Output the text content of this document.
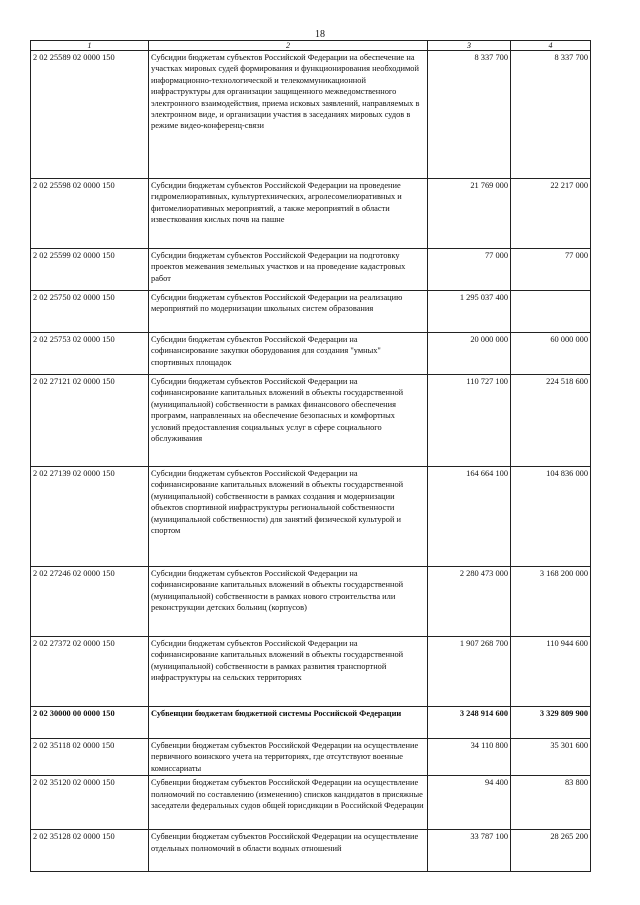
18
1	2	3	4
2 02 25589 02 0000 150	Субсидии бюджетам субъектов Российской Федерации на обеспечение на участках мировых судей формирования и функционирования необходимой информационно-технологической и телекоммуникационной инфраструктуры для организации защищенного межведомственного электронного взаимодействия, приема исковых заявлений, направляемых в электронном виде, и организации участия в заседаниях мировых судов в режиме видео-конференц-связи	8 337 700	8 337 700
2 02 25598 02 0000 150	Субсидии бюджетам субъектов Российской Федерации на проведение гидромелиоративных, культуртехнических, агролесомелиоративных и фитомелиоративных мероприятий, а также мероприятий в области известкования кислых почв на пашне	21 769 000	22 217 000
2 02 25599 02 0000 150	Субсидии бюджетам субъектов Российской Федерации на подготовку проектов межевания земельных участков и на проведение кадастровых работ	77 000	77 000
2 02 25750 02 0000 150	Субсидии бюджетам субъектов Российской Федерации на реализацию мероприятий по модернизации школьных систем образования	1 295 037 400	
2 02 25753 02 0000 150	Субсидии бюджетам субъектов Российской Федерации на софинансирование закупки оборудования для создания "умных" спортивных площадок	20 000 000	60 000 000
2 02 27121 02 0000 150	Субсидии бюджетам субъектов Российской Федерации на софинансирование капитальных вложений в объекты государственной (муниципальной) собственности в рамках финансового обеспечения программ, направленных на обеспечение безопасных и комфортных условий предоставления социальных услуг в сфере социального обслуживания	110 727 100	224 518 600
2 02 27139 02 0000 150	Субсидии бюджетам субъектов Российской Федерации на софинансирование капитальных вложений в объекты государственной (муниципальной) собственности в рамках создания и модернизации объектов спортивной инфраструктуры региональной собственности (муниципальной собственности) для занятий физической культурой и спортом	164 664 100	104 836 000
2 02 27246 02 0000 150	Субсидии бюджетам субъектов Российской Федерации на софинансирование капитальных вложений в объекты государственной (муниципальной) собственности в рамках нового строительства или реконструкции детских больниц (корпусов)	2 280 473 000	3 168 200 000
2 02 27372 02 0000 150	Субсидии бюджетам субъектов Российской Федерации на софинансирование капитальных вложений в объекты государственной (муниципальной) собственности в рамках развития транспортной инфраструктуры на сельских территориях	1 907 268 700	110 944 600
2 02 30000 00 0000 150	Субвенции бюджетам бюджетной системы Российской Федерации	3 248 914 600	3 329 809 900
2 02 35118 02 0000 150	Субвенции бюджетам субъектов Российской Федерации на осуществление первичного воинского учета на территориях, где отсутствуют военные комиссариаты	34 110 800	35 301 600
2 02 35120 02 0000 150	Субвенции бюджетам субъектов Российской Федерации на осуществление полномочий по составлению (изменению) списков кандидатов в присяжные заседатели федеральных судов общей юрисдикции в Российской Федерации	94 400	83 800
2 02 35128 02 0000 150	Субвенции бюджетам субъектов Российской Федерации на осуществление отдельных полномочий в области водных отношений	33 787 100	28 265 200
